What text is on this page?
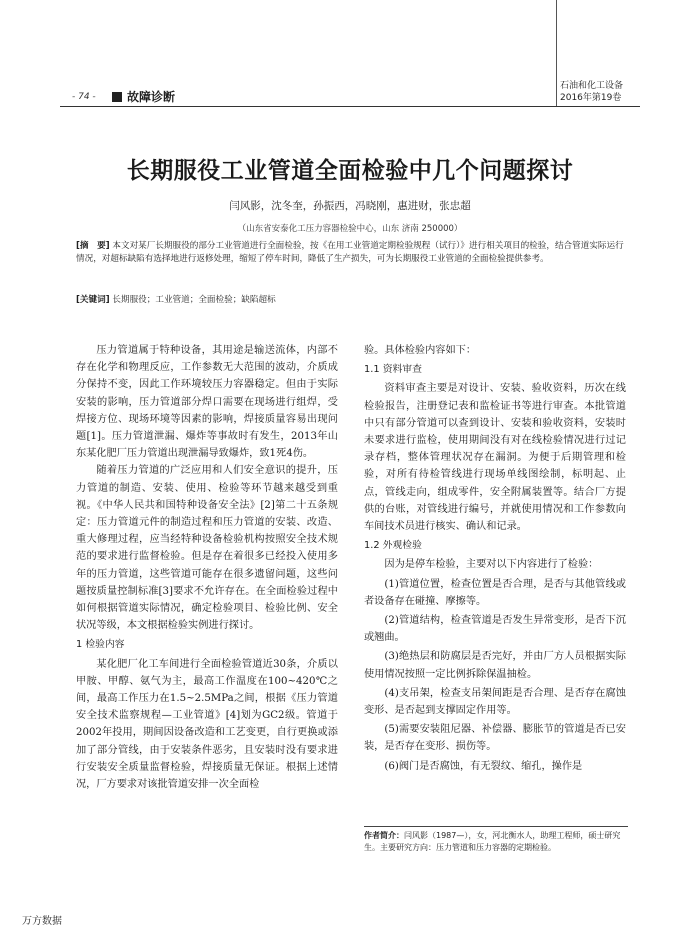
- 74 -	故障诊断
石油和化工设备
2016年第19卷
长期服役工业管道全面检验中几个问题探讨
闫风影，沈冬奎，孙振西，冯晓刚，惠进财，张忠超
（山东省安泰化工压力容器检验中心，山东 济南 250000）
[摘　要] 本文对某厂长期服役的部分工业管道进行全面检验，按《在用工业管道定期检验规程（试行）》进行相关项目的检验，结合管道实际运行情况，对超标缺陷有选择地进行返修处理，缩短了停车时间，降低了生产损失，可为长期服役工业管道的全面检验提供参考。
[关键词] 长期服役；工业管道；全面检验；缺陷超标

压力管道属于特种设备，其用途是输送流体，内部不存在化学和物理反应，工作参数无大范围的波动，介质成分保持不变，因此工作环境较压力容器稳定。但由于实际安装的影响，压力管道部分焊口需要在现场进行组焊，受焊接方位、现场环境等因素的影响，焊接质量容易出现问题[1]。压力管道泄漏、爆炸等事故时有发生，2013年山东某化肥厂压力管道出现泄漏导致爆炸，致1死4伤。

随着压力管道的广泛应用和人们安全意识的提升，压力管道的制造、安装、使用、检验等环节越来越受到重视。《中华人民共和国特种设备安全法》[2]第二十五条规定：压力管道元件的制造过程和压力管道的安装、改造、重大修理过程，应当经特种设备检验机构按照安全技术规范的要求进行监督检验。但是存在着很多已经投入使用多年的压力管道，这些管道可能存在很多遗留问题，这些问题按质量控制标准[3]要求不允许存在。在全面检验过程中如何根据管道实际情况，确定检验项目、检验比例、安全状况等级，本文根据检验实例进行探讨。

1 检验内容

某化肥厂化工车间进行全面检验管道近30条，介质以甲胺、甲醇、氨气为主，最高工作温度在100~420℃之间，最高工作压力在1.5~2.5MPa之间，根据《压力管道安全技术监察规程—工业管道》[4]划为GC2级。管道于2002年投用，期间因设备改造和工艺变更，自行更换或添加了部分管线，由于安装条件恶劣，且安装时没有要求进行安装安全质量监督检验，焊接质量无保证。根据上述情况，厂方要求对该批管道安排一次全面检

验。具体检验内容如下：

1.1 资料审查

资料审查主要是对设计、安装、验收资料，历次在线检验报告，注册登记表和监检证书等进行审查。本批管道中只有部分管道可以查到设计、安装和验收资料，安装时未要求进行监检，使用期间没有对在线检验情况进行过记录存档，整体管理状况存在漏洞。为便于后期管理和检验，对所有待检管线进行现场单线图绘制，标明起、止点，管线走向，组成零件，安全附属装置等。结合厂方提供的台账，对管线进行编号，并就使用情况和工作参数向车间技术员进行核实、确认和记录。

1.2 外观检验

因为是停车检验，主要对以下内容进行了检验：

(1)管道位置，检查位置是否合理，是否与其他管线或者设备存在碰撞、摩擦等。

(2)管道结构，检查管道是否发生异常变形，是否下沉或翘曲。

(3)绝热层和防腐层是否完好，并由厂方人员根据实际使用情况按照一定比例拆除保温抽检。

(4)支吊架，检查支吊架间距是否合理、是否存在腐蚀变形、是否起到支撑固定作用等。

(5)需要安装阻尼器、补偿器、膨胀节的管道是否已安装，是否存在变形、损伤等。

(6)阀门是否腐蚀，有无裂纹、缩孔，操作是

作者简介：闫风影（1987—），女，河北衡水人，助理工程师，硕士研究生。主要研究方向：压力管道和压力容器的定期检验。
万方数据
